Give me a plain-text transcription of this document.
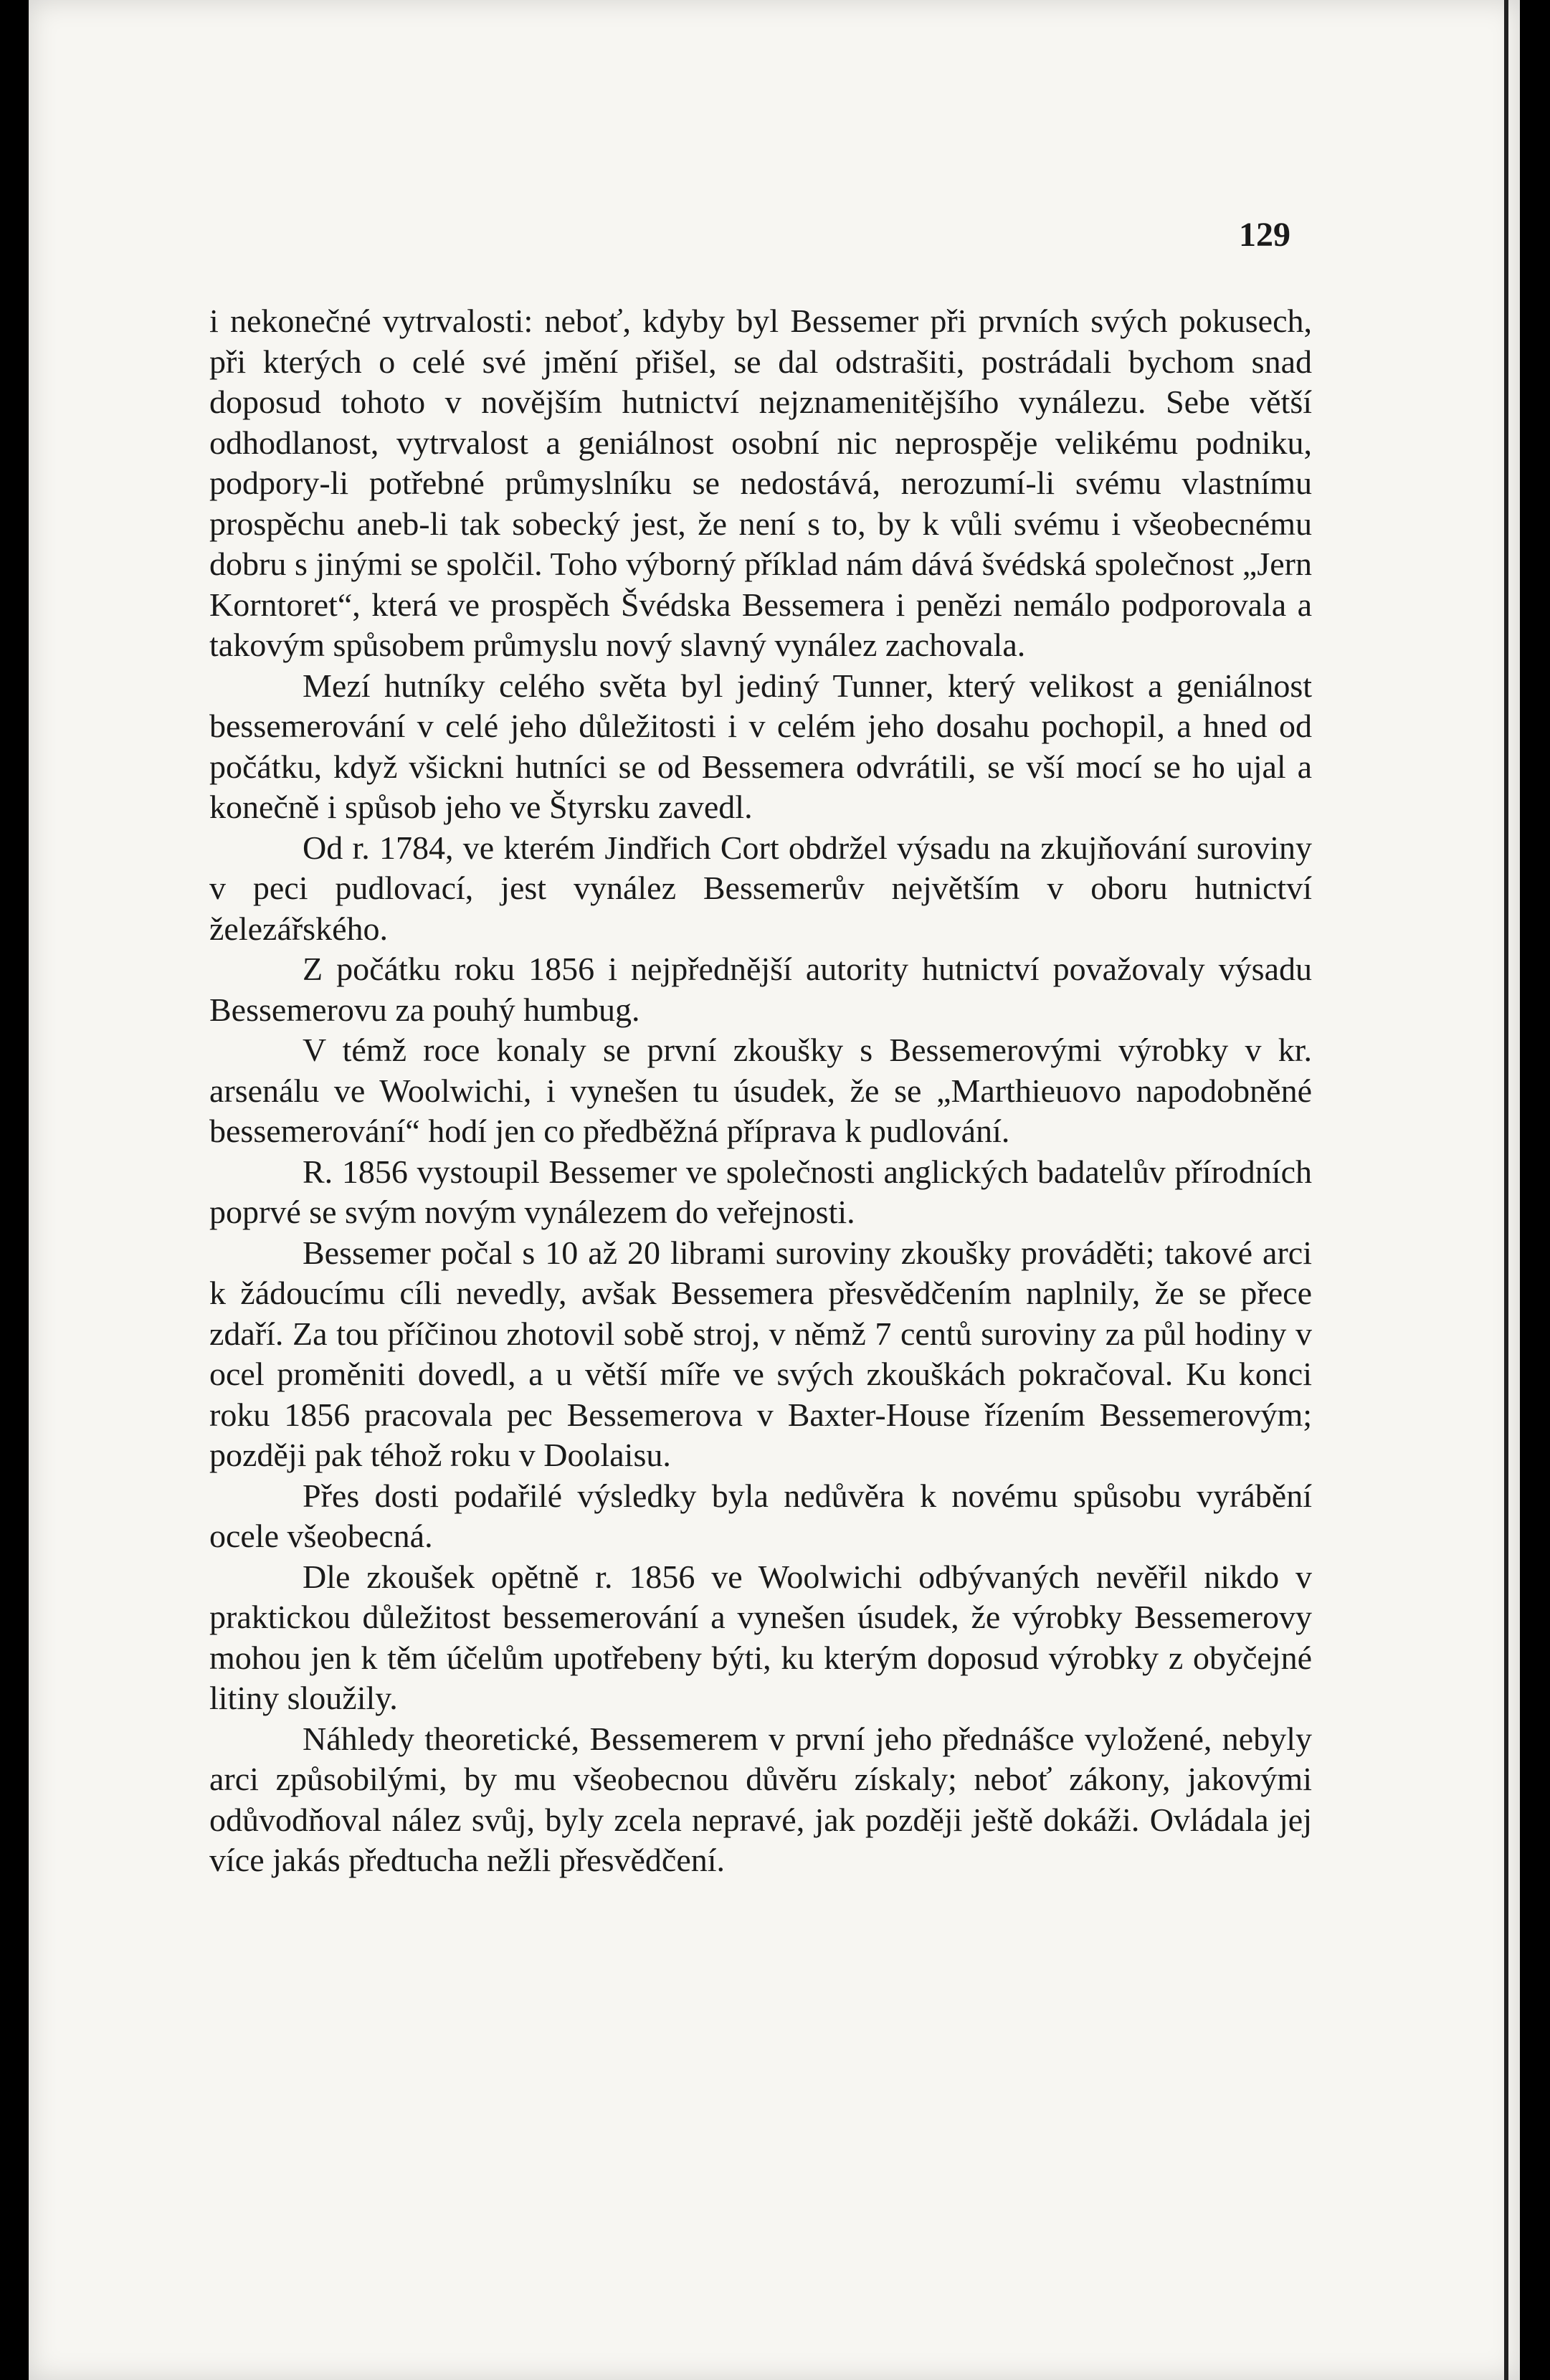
129

i nekonečné vytrvalosti: neboť, kdyby byl Bessemer při prvních svých pokusech, při kterých o celé své jmění přišel, se dal odstrašiti, postrádali bychom snad doposud tohoto v novějším hutnictví nejznamenitějšího vynálezu. Sebe větší odhodlanost, vytrvalost a geniálnost osobní nic neprospěje velikému podniku, podpory-li potřebné průmyslníku se nedostává, nerozumí-li svému vlastnímu prospěchu aneb-li tak sobecký jest, že není s to, by k vůli svému i všeobecnému dobru s jinými se spolčil. Toho výborný příklad nám dává švédská společnost „Jern Korntoret“, která ve prospěch Švédska Bessemera i penězi nemálo podporovala a takovým spůsobem průmyslu nový slavný vynález zachovala.

Mezí hutníky celého světa byl jediný Tunner, který velikost a geniálnost bessemerování v celé jeho důležitosti i v celém jeho dosahu pochopil, a hned od počátku, když všickni hutníci se od Bessemera odvrátili, se vší mocí se ho ujal a konečně i spůsob jeho ve Štyrsku zavedl.

Od r. 1784, ve kterém Jindřich Cort obdržel výsadu na zkujňování suroviny v peci pudlovací, jest vynález Bessemerův největším v oboru hutnictví železářského.

Z počátku roku 1856 i nejpřednější autority hutnictví považovaly výsadu Bessemerovu za pouhý humbug.

V témž roce konaly se první zkoušky s Bessemerovými výrobky v kr. arsenálu ve Woolwichi, i vynešen tu úsudek, že se „Marthieuovo napodobněné bessemerování“ hodí jen co předběžná příprava k pudlování.

R. 1856 vystoupil Bessemer ve společnosti anglických badatelův přírodních poprvé se svým novým vynálezem do veřejnosti.

Bessemer počal s 10 až 20 librami suroviny zkoušky prováděti; takové arci k žádoucímu cíli nevedly, avšak Bessemera přesvědčením naplnily, že se přece zdaří. Za tou příčinou zhotovil sobě stroj, v němž 7 centů suroviny za půl hodiny v ocel proměniti dovedl, a u větší míře ve svých zkouškách pokračoval. Ku konci roku 1856 pracovala pec Bessemerova v Baxter-House řízením Bessemerovým; později pak téhož roku v Doolaisu.

Přes dosti podařilé výsledky byla nedůvěra k novému spůsobu vyrábění ocele všeobecná.

Dle zkoušek opětně r. 1856 ve Woolwichi odbývaných nevěřil nikdo v praktickou důležitost bessemerování a vynešen úsudek, že výrobky Bessemerovy mohou jen k těm účelům upotřebeny býti, ku kterým doposud výrobky z obyčejné litiny sloužily.

Náhledy theoretické, Bessemerem v první jeho přednášce vyložené, nebyly arci způsobilými, by mu všeobecnou důvěru získaly; neboť zákony, jakovými odůvodňoval nález svůj, byly zcela nepravé, jak později ještě dokáži. Ovládala jej více jakás předtucha nežli přesvědčení.
